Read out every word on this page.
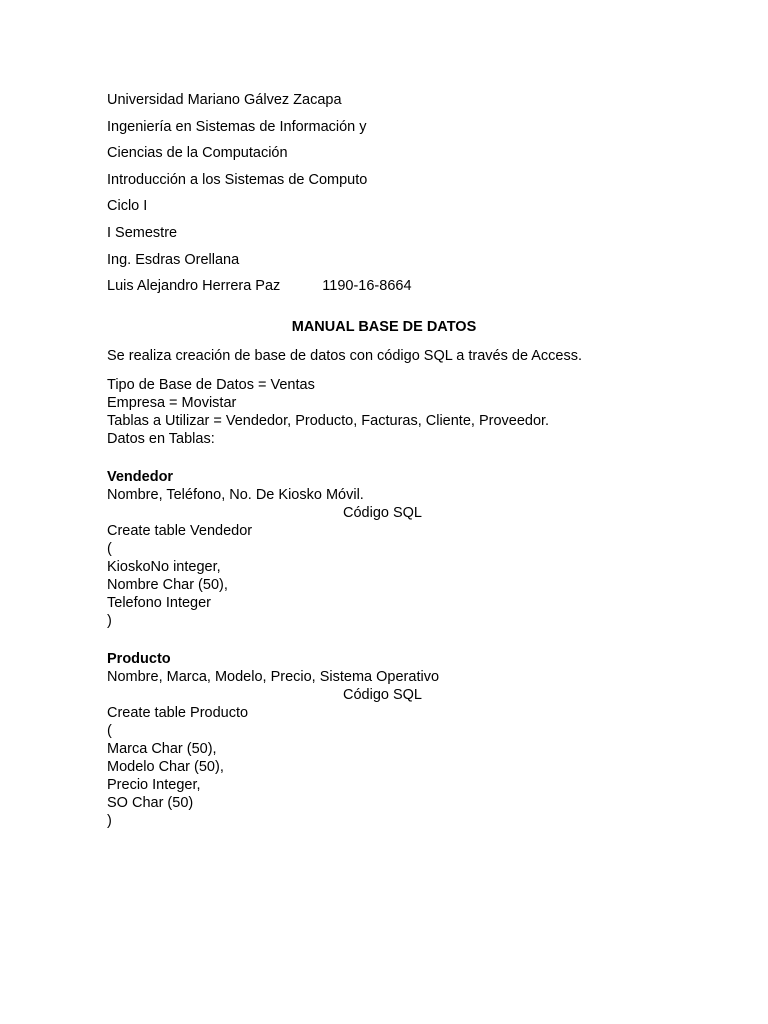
Universidad Mariano Gálvez Zacapa
Ingeniería en Sistemas de Información y
Ciencias de la Computación
Introducción a los Sistemas de Computo
Ciclo I
I Semestre
Ing. Esdras Orellana
Luis Alejandro Herrera Paz	1190-16-8664
MANUAL BASE DE DATOS
Se realiza creación de base de datos con código SQL a través de Access.
Tipo de Base de Datos = Ventas
Empresa = Movistar
Tablas a Utilizar = Vendedor, Producto, Facturas, Cliente, Proveedor.
Datos en Tablas:
Vendedor
Nombre, Teléfono, No. De Kiosko Móvil.
Código SQL
Create table Vendedor
(
KioskoNo integer,
Nombre Char (50),
Telefono Integer
)
Producto
Nombre, Marca, Modelo, Precio, Sistema Operativo
Código SQL
Create table Producto
(
Marca Char (50),
Modelo Char (50),
Precio Integer,
SO Char (50)
)
